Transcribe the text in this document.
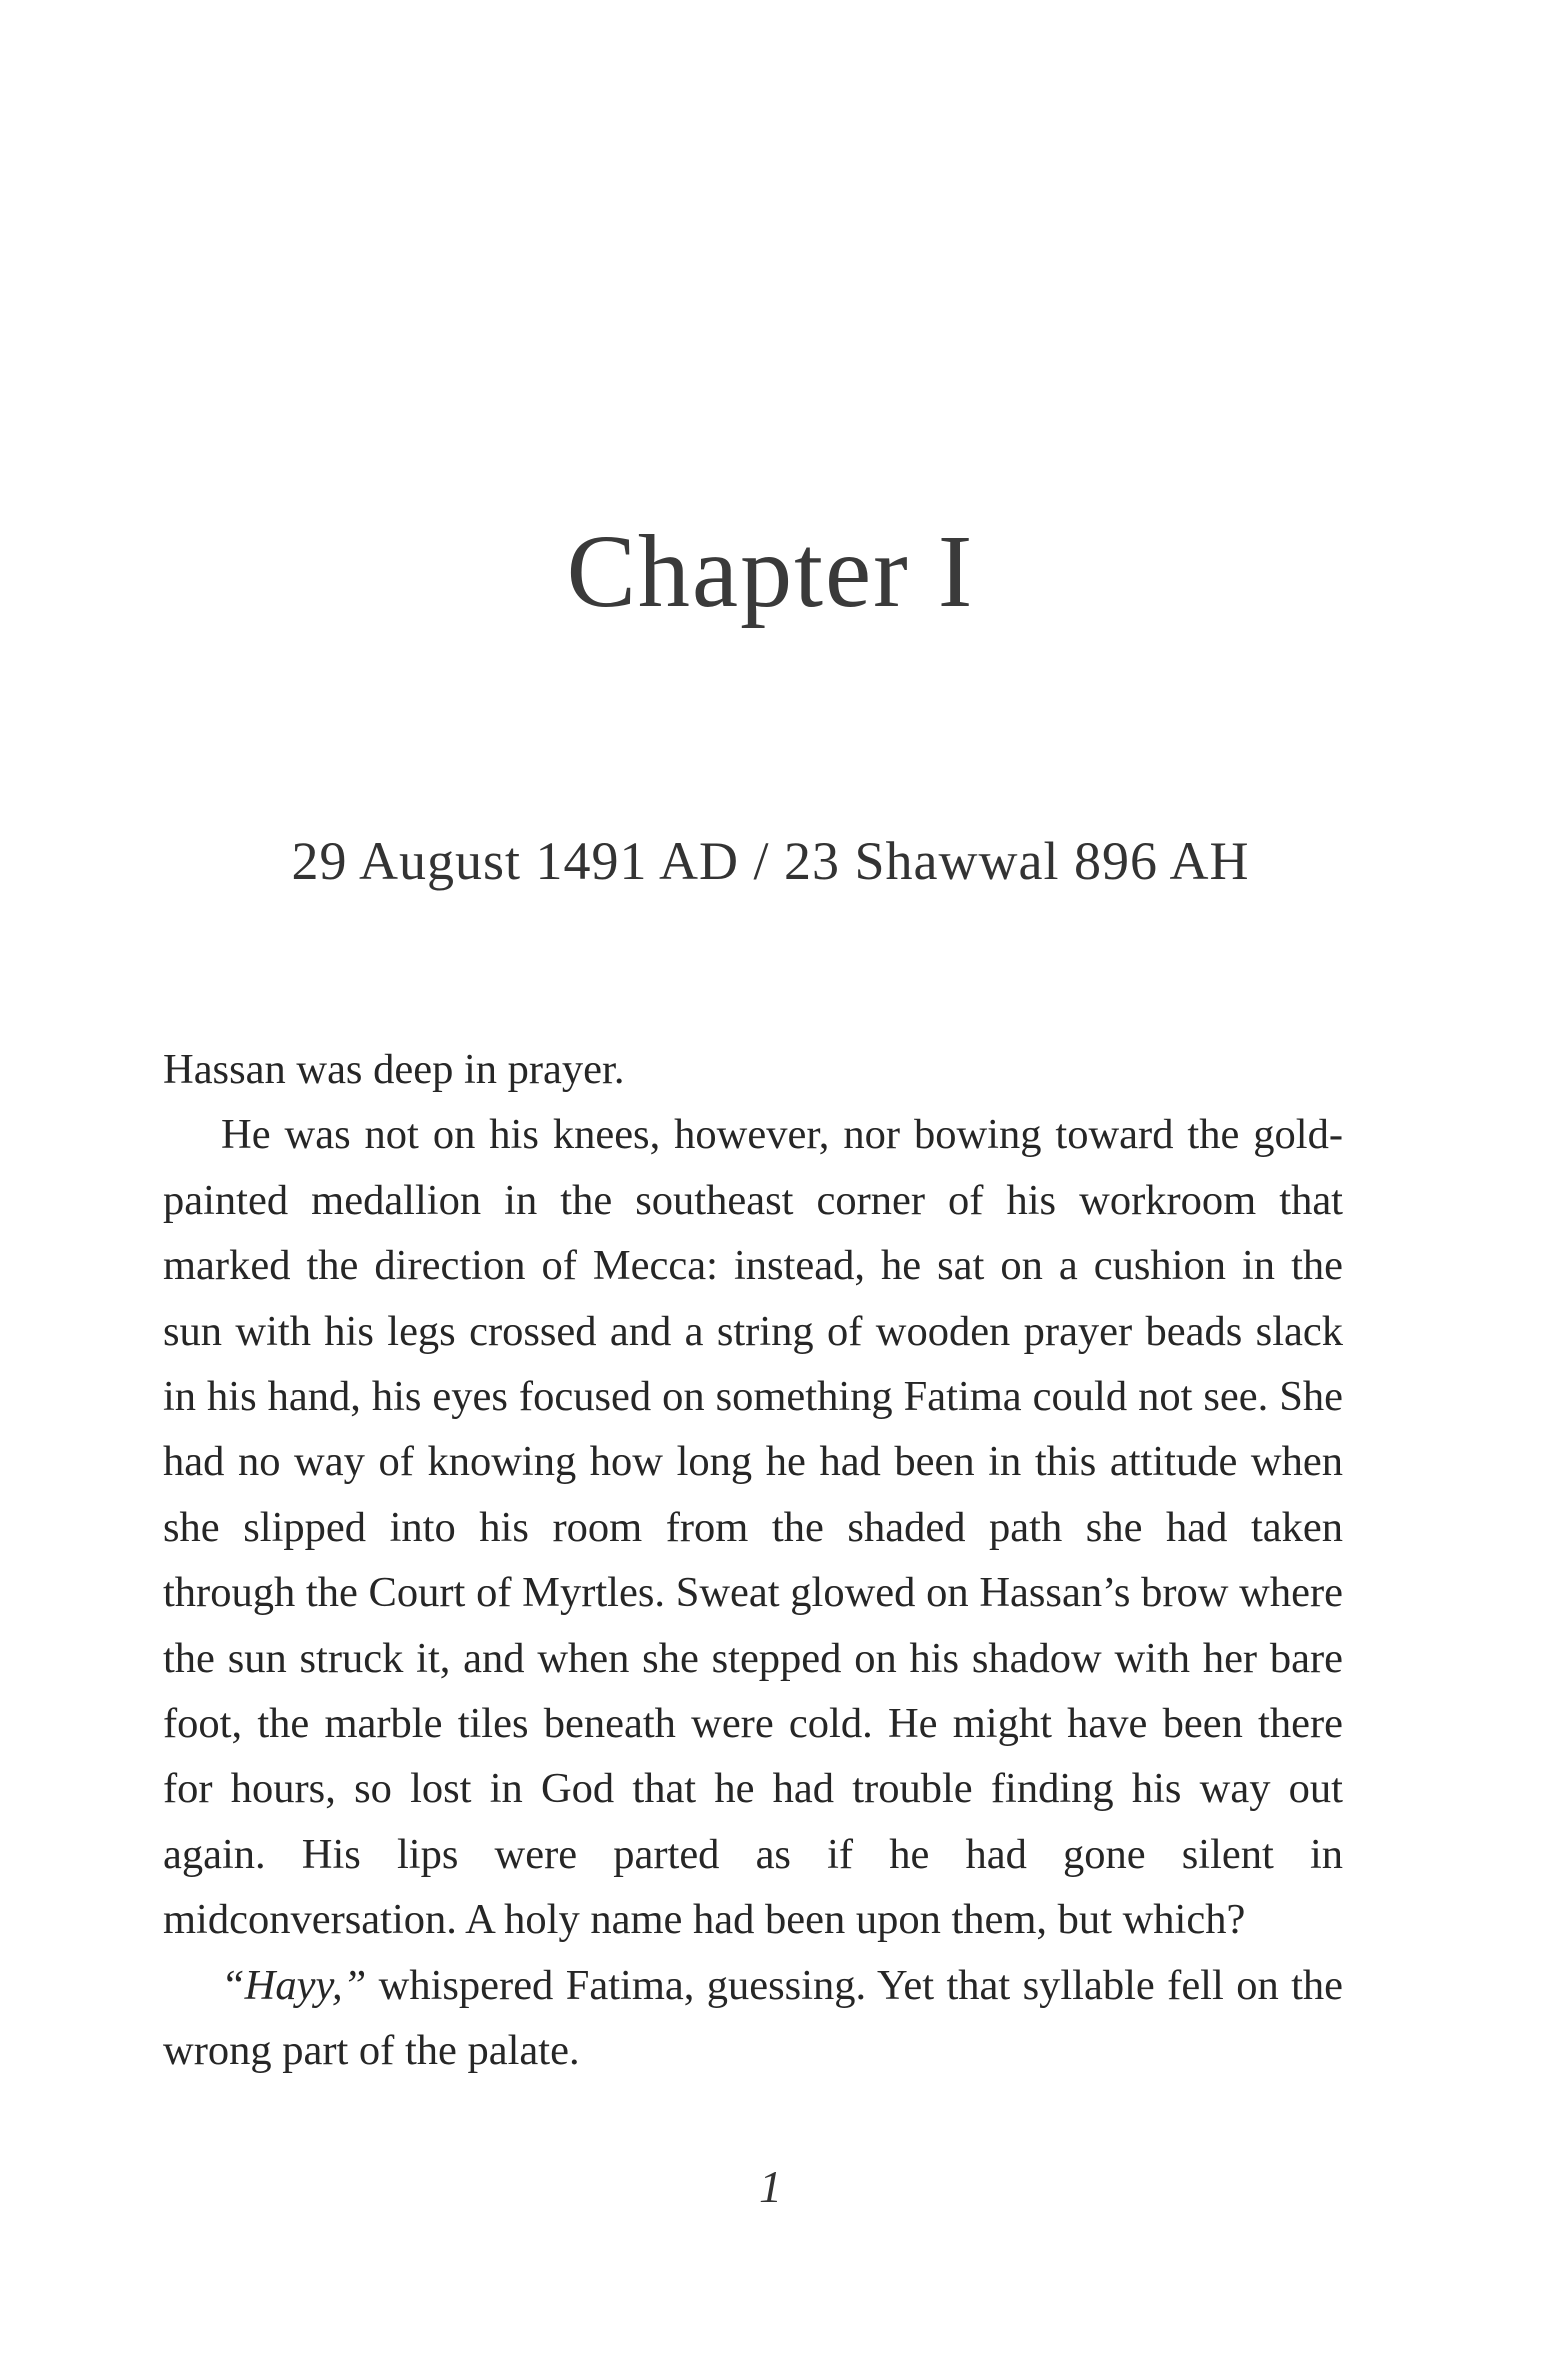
Chapter I
29 August 1491 AD / 23 Shawwal 896 AH

Hassan was deep in prayer.

He was not on his knees, however, nor bowing toward the gold-painted medallion in the southeast corner of his workroom that marked the direction of Mecca: instead, he sat on a cushion in the sun with his legs crossed and a string of wooden prayer beads slack in his hand, his eyes focused on something Fatima could not see. She had no way of knowing how long he had been in this attitude when she slipped into his room from the shaded path she had taken through the Court of Myrtles. Sweat glowed on Hassan’s brow where the sun struck it, and when she stepped on his shadow with her bare foot, the marble tiles beneath were cold. He might have been there for hours, so lost in God that he had trouble finding his way out again. His lips were parted as if he had gone silent in midconversation. A holy name had been upon them, but which?

“Hayy,” whispered Fatima, guessing. Yet that syllable fell on the wrong part of the palate.

1
